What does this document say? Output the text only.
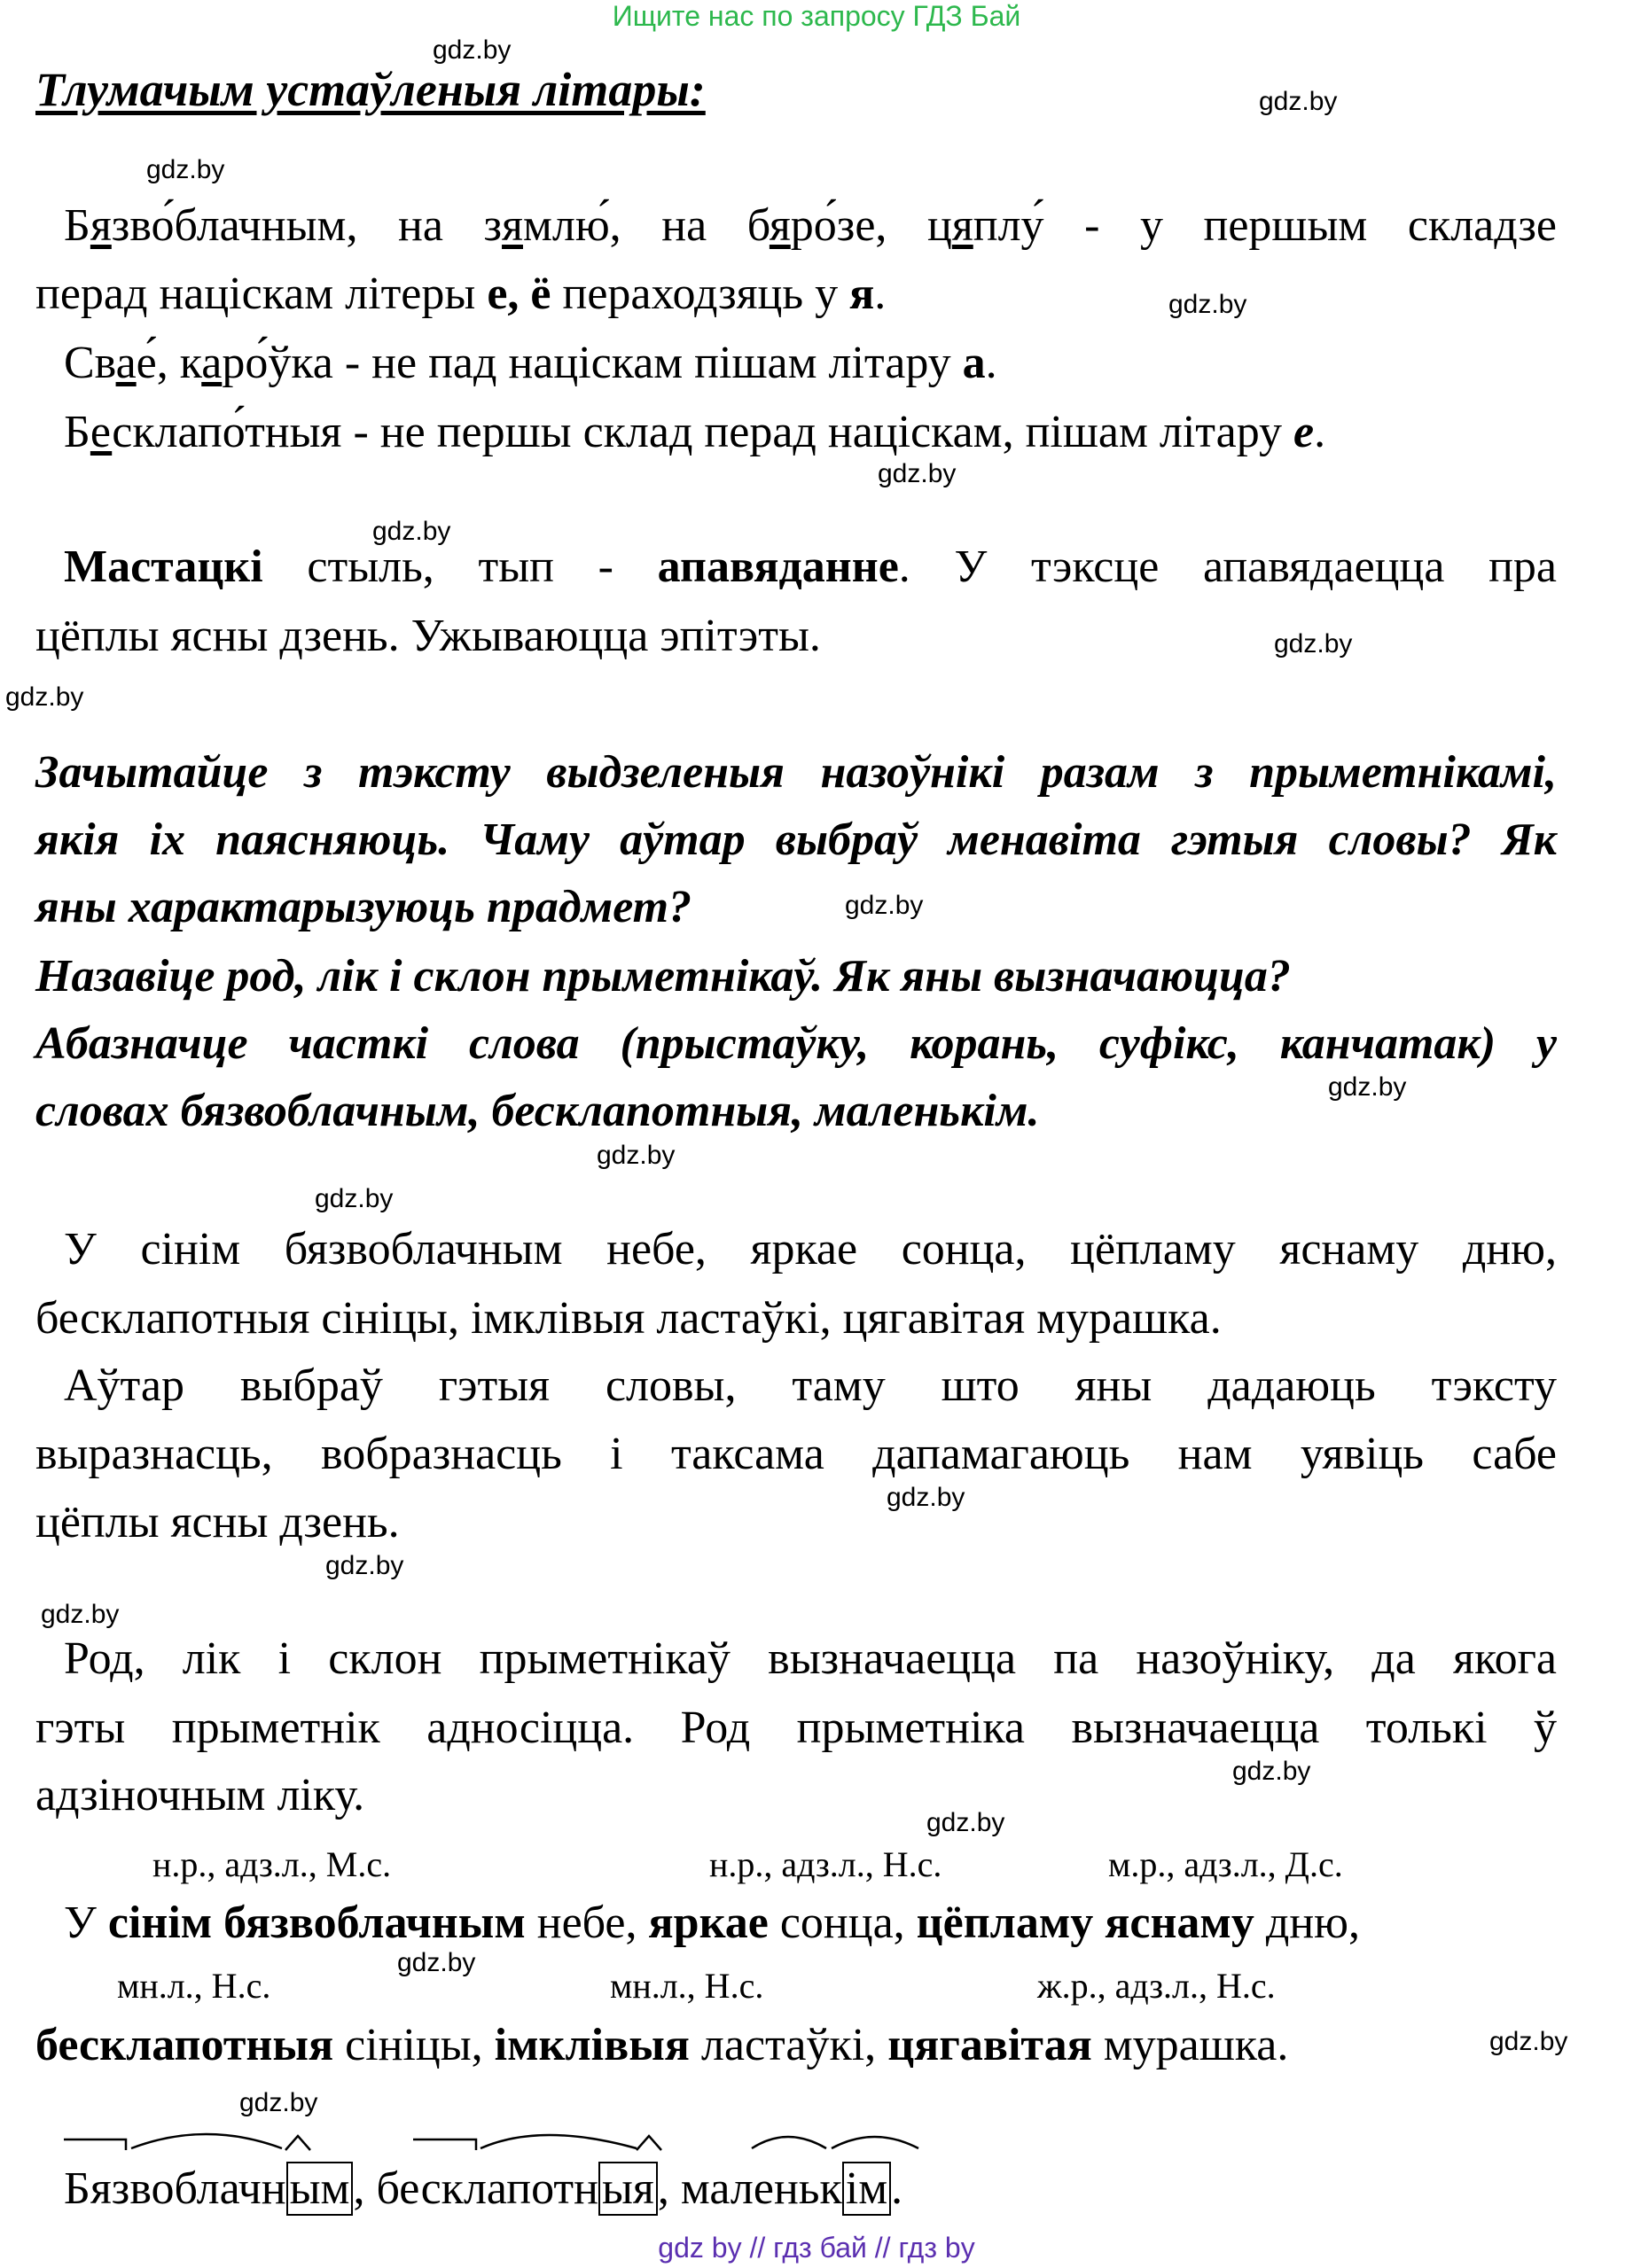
Ищите нас по запросу ГДЗ Бай
gdz.by
gdz.by
gdz.by
gdz.by
gdz.by
gdz.by
gdz.by
gdz.by
gdz.by
gdz.by
gdz.by
gdz.by
gdz.by
gdz.by
gdz.by
gdz.by
gdz.by
gdz.by
gdz.by
gdz.by
Тлумачым устаўленыя літары:
Бязво́блачным, на зямлю́, на бяро́зе, цяплу́ - у першым складзе
перад націскам літеры е, ё пераходзяць у я.
Свае́, каро́ўка - не пад націскам пішам літару а.
Бесклапо́тныя - не першы склад перад націскам, пішам літару е.
Мастацкі стыль, тып - апавяданне. У тэксце апавядаецца пра
цёплы ясны дзень. Ужываюцца эпітэты.
Зачытайце з тэксту выдзеленыя назоўнікі разам з прыметнікамі,
якія іх паясняюць. Чаму аўтар выбраў менавіта гэтыя словы? Як
яны характарызуюць прадмет?
Назавіце род, лік і склон прыметнікаў. Як яны вызначаюцца?
Абазначце часткі слова (прыстаўку, корань, суфікс, канчатак) у
словах бязвоблачным, бесклапотныя, маленькім.
У сінім бязвоблачным небе, яркае сонца, цёпламу яснаму дню,
бесклапотныя сініцы, імклівыя ластаўкі, цягавітая мурашка.
Аўтар выбраў гэтыя словы, таму што яны дадаюць тэксту
выразнасць, вобразнасць і таксама дапамагаюць нам уявіць сабе
цёплы ясны дзень.
Род, лік і склон прыметнікаў вызначаецца па назоўніку, да якога
гэты прыметнік адносіцца. Род прыметніка вызначаецца толькі ў
адзіночным ліку.
н.р., адз.л., М.с.	н.р., адз.л., Н.с.	м.р., адз.л., Д.с.
У сінім бязвоблачным небе, яркае сонца, цёпламу яснаму дню,
мн.л., Н.с.	мн.л., Н.с.	ж.р., адз.л., Н.с.
бесклапотныя сініцы, імклівыя ластаўкі, цягавітая мурашка.
Бязвоблачным, бесклапотныя, маленькім.
gdz by // гдз бай // гдз by
